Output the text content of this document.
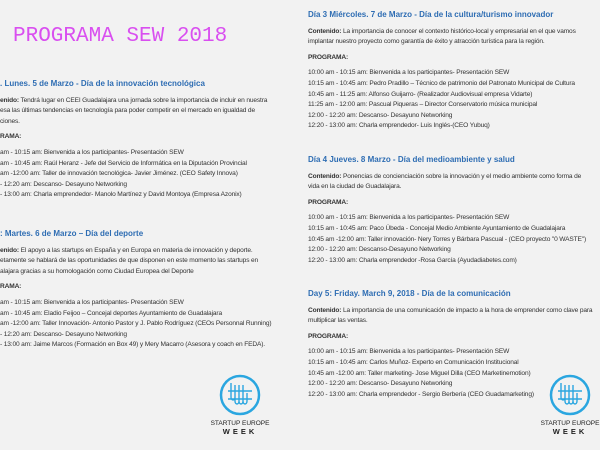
PROGRAMA SEW 2018
. Lunes. 5 de Marzo - Día de la innovación tecnológica
enido: Tendrá lugar en CEEI Guadalajara una jornada sobre la importancia de incluir en nuestra
esa las últimas tendencias en tecnología para poder competir en el mercado en igualdad de
ciones.
RAMA:
am - 10:15 am: Bienvenida a los participantes- Presentación SEW
am - 10:45 am: Raúl Heranz - Jefe del Servicio de Informática en la Diputación Provincial
am -12:00 am: Taller de innovación tecnológica- Javier Jiménez. (CEO Safety Innova)
- 12:20 am: Descanso- Desayuno Networking
- 13:00 am: Charla emprendedor- Manolo Martínez y David Montoya (Empresa Azonix)
: Martes. 6 de Marzo – Día del deporte
enido: El apoyo a las startups en España y en Europa en materia de innovación y deporte.
etamente se hablará de las oportunidades de que disponen en este momento las startups en
alajara gracias a su homologación como Ciudad Europea del Deporte
RAMA:
am - 10:15 am: Bienvenida a los participantes- Presentación SEW
am - 10:45 am: Eladio Feijoo – Concejal deportes Ayuntamiento de Guadalajara
am -12:00 am: Taller Innovación- Antonio Pastor y J. Pablo Rodríguez (CEOs Personnal Running)
- 12:20 am: Descanso- Desayuno Networking
- 13:00 am: Jaime Marcos (Formación en Box 49) y Mery Macarro (Asesora y coach en FEDA).
Día 3 Miércoles. 7 de Marzo - Día de la cultura/turismo innovador
Contenido: La importancia de conocer el contexto histórico-local y empresarial en el que vamos
implantar nuestro proyecto como garantía de éxito y atracción turística para la región.
PROGRAMA:
10:00 am - 10:15 am: Bienvenida a los participantes- Presentación SEW
10:15 am - 10:45 am: Pedro Pradillo – Técnico de patrimonio del Patronato Municipal de Cultura
10:45 am - 11:25 am: Alfonso Guijarro- (Realizador Audiovisual empresa Vidarte)
11:25 am - 12:00 am: Pascual Piqueras – Director Conservatorio música municipal
12:00 - 12:20 am: Descanso- Desayuno Networking
12:20 - 13:00 am: Charla emprendedor- Luis Inglés-(CEO Yubuq)
Día 4 Jueves. 8 Marzo - Día del medioambiente y salud
Contenido: Ponencias de concienciación sobre la innovación y el medio ambiente como forma de
vida en la ciudad de Guadalajara.
PROGRAMA:
10:00 am - 10:15 am: Bienvenida a los participantes- Presentación SEW
10:15 am - 10:45 am: Paco Úbeda - Concejal Medio Ambiente Ayuntamiento de Guadalajara
10:45 am -12:00 am: Taller innovación- Nery Torres y Bárbara Pascual - (CEO proyecto "0 WASTE")
12:00 - 12:20 am: Descanso-Desayuno Networking
12:20 - 13:00 am: Charla emprendedor -Rosa García (Ayudadiabetes.com)
Day 5: Friday. March 9, 2018 - Día de la comunicación
Contenido: La importancia de una comunicación de impacto a la hora de emprender como clave para
multiplicar las ventas.
PROGRAMA:
10:00 am - 10:15 am: Bienvenida a los participantes- Presentación SEW
10:15 am - 10:45 am: Carlos Muñoz- Experto en Comunicación Institucional
10:45 am -12:00 am: Taller marketing- Jose Miguel Dilla (CEO Marketinemotion)
12:00 - 12:20 am: Descanso- Desayuno Networking
12:20 - 13:00 am: Charla emprendedor - Sergio Berbería (CEO Guadamarketing)
STARTUP EUROPE
WEEK
STARTUP EUROPE
WEEK
